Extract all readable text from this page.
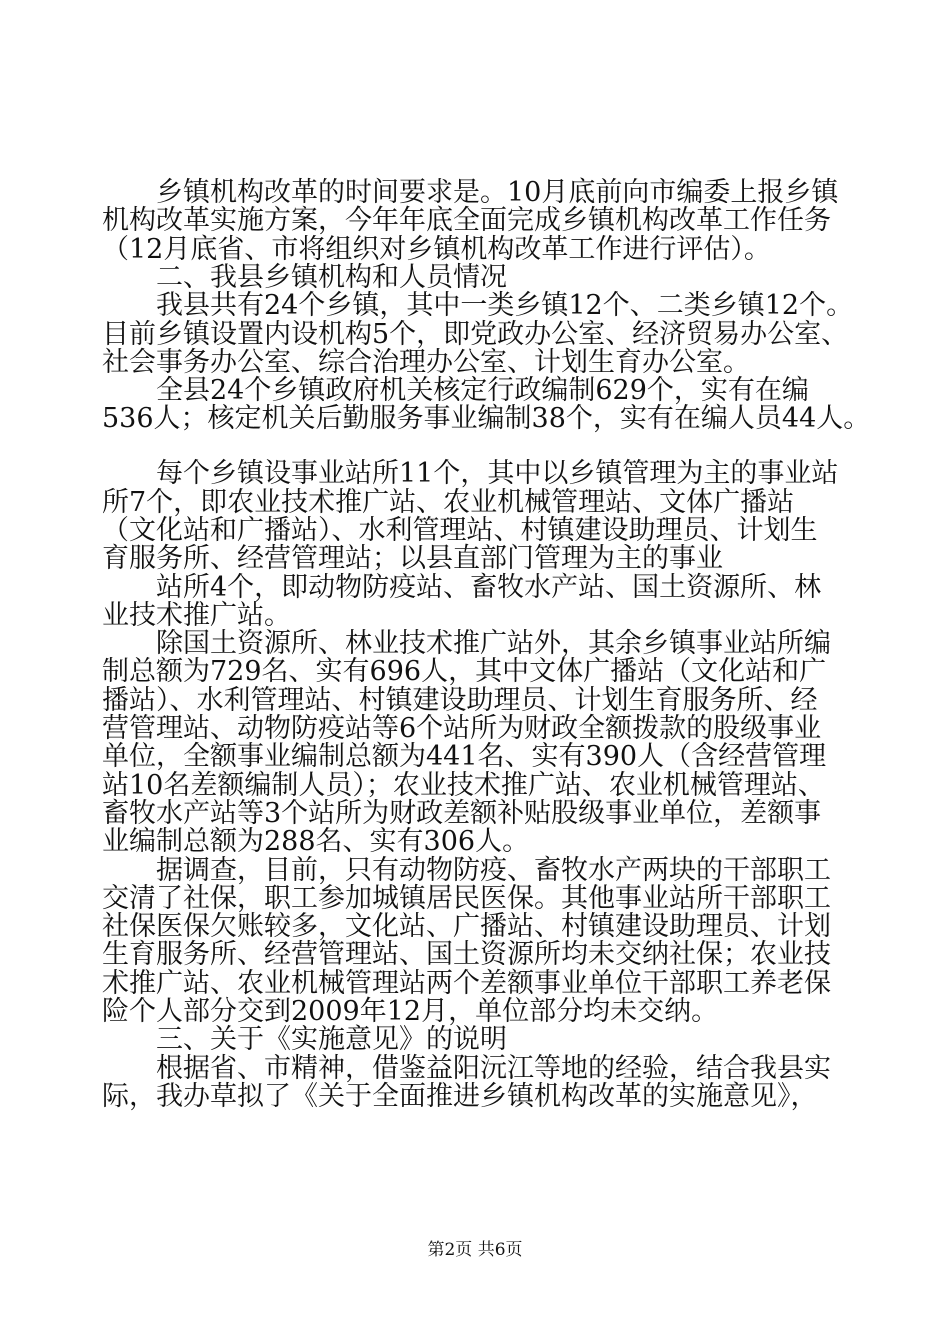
　　乡镇机构改革的时间要求是。10月底前向市编委上报乡镇
机构改革实施方案，今年年底全面完成乡镇机构改革工作任务
（12月底省、市将组织对乡镇机构改革工作进行评估）。
　　二、我县乡镇机构和人员情况
　　我县共有24个乡镇，其中一类乡镇12个、二类乡镇12个。
目前乡镇设置内设机构5个，即党政办公室、经济贸易办公室、
社会事务办公室、综合治理办公室、计划生育办公室。
　　全县24个乡镇政府机关核定行政编制629个，实有在编
536人；核定机关后勤服务事业编制38个，实有在编人员44人。
　　每个乡镇设事业站所11个，其中以乡镇管理为主的事业站
所7个，即农业技术推广站、农业机械管理站、文体广播站
（文化站和广播站）、水利管理站、村镇建设助理员、计划生
育服务所、经营管理站；以县直部门管理为主的事业
　　站所4个，即动物防疫站、畜牧水产站、国土资源所、林
业技术推广站。
　　除国土资源所、林业技术推广站外，其余乡镇事业站所编
制总额为729名、实有696人，其中文体广播站（文化站和广
播站）、水利管理站、村镇建设助理员、计划生育服务所、经
营管理站、动物防疫站等6个站所为财政全额拨款的股级事业
单位，全额事业编制总额为441名、实有390人（含经营管理
站10名差额编制人员）；农业技术推广站、农业机械管理站、
畜牧水产站等3个站所为财政差额补贴股级事业单位，差额事
业编制总额为288名、实有306人。
　　据调查，目前，只有动物防疫、畜牧水产两块的干部职工
交清了社保，职工参加城镇居民医保。其他事业站所干部职工
社保医保欠账较多，文化站、广播站、村镇建设助理员、计划
生育服务所、经营管理站、国土资源所均未交纳社保；农业技
术推广站、农业机械管理站两个差额事业单位干部职工养老保
险个人部分交到2009年12月，单位部分均未交纳。
　　三、关于《实施意见》的说明
　　根据省、市精神，借鉴益阳沅江等地的经验，结合我县实
际，我办草拟了《关于全面推进乡镇机构改革的实施意见》，
第2页 共6页
